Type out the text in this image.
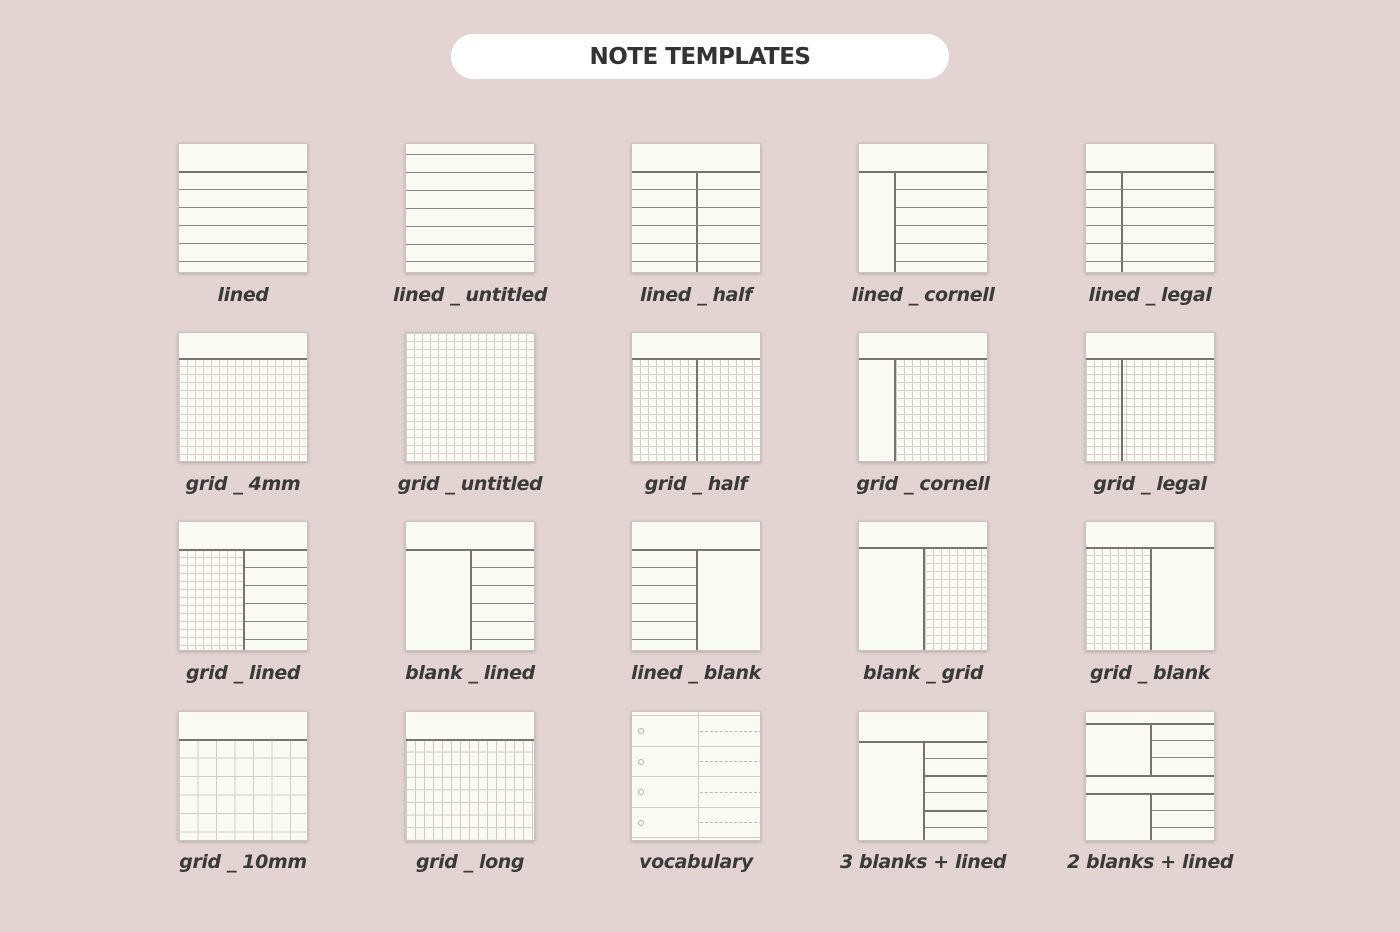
NOTE TEMPLATES
lined	lined _ untitled	lined _ half	lined _ cornell	lined _ legal
grid _ 4mm	grid _ untitled	grid _ half	grid _ cornell	grid _ legal
grid _ lined	blank _ lined	lined _ blank	blank _ grid	grid _ blank
grid _ 10mm	grid _ long	vocabulary	3 blanks + lined	2 blanks + lined
